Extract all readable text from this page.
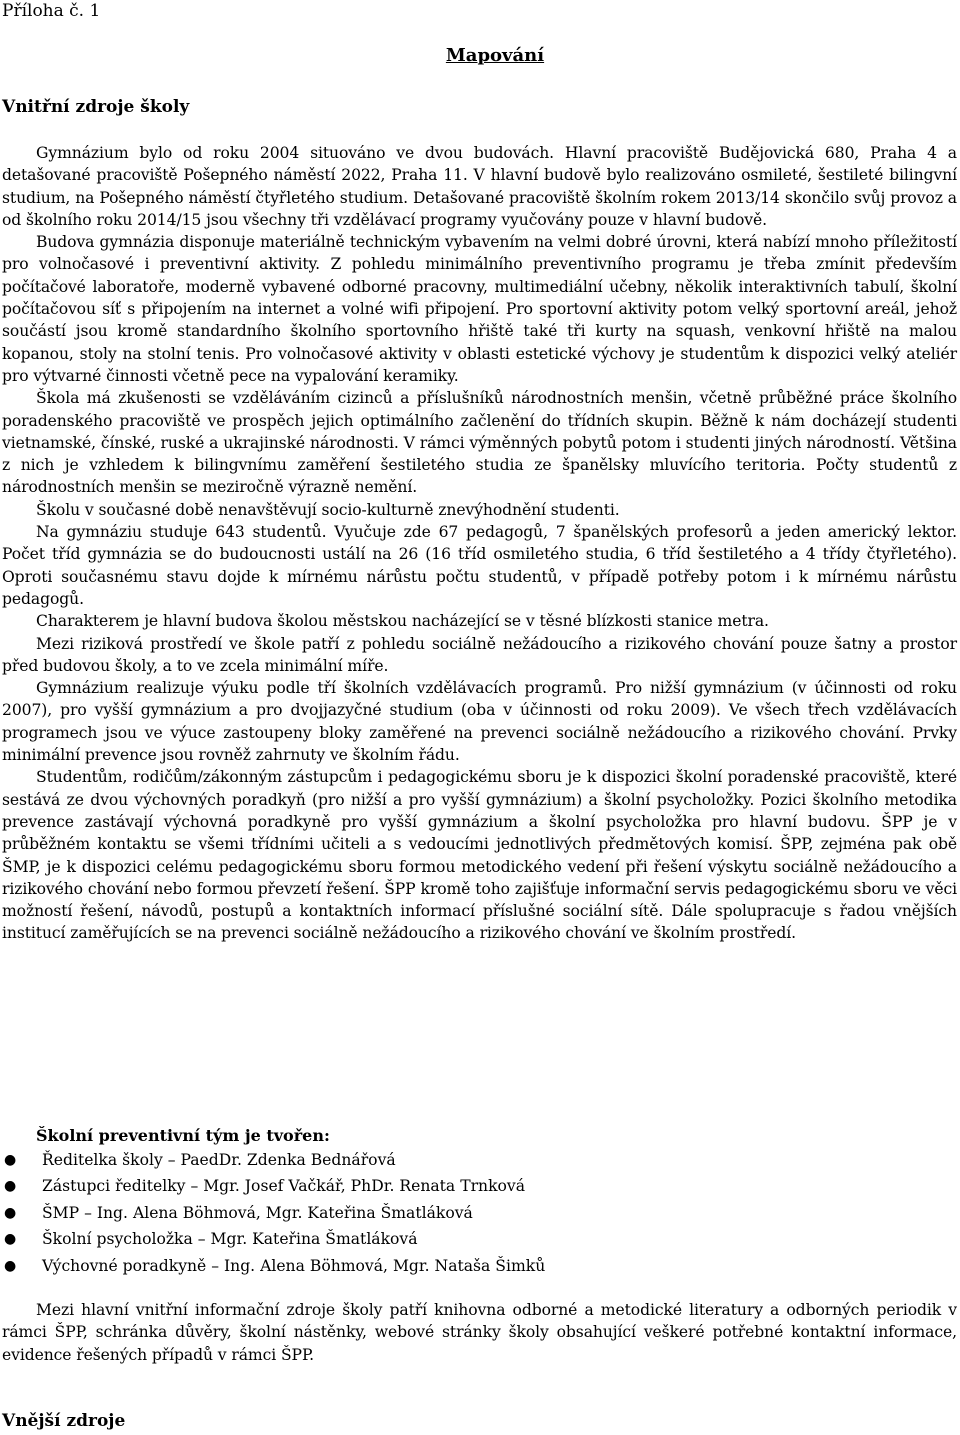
Příloha č. 1
Mapování
Vnitřní zdroje školy

Gymnázium bylo od roku 2004 situováno ve dvou budovách. Hlavní pracoviště Budějovická 680, Praha 4 a detašované pracoviště Pošepného náměstí 2022, Praha 11. V hlavní budově bylo realizováno osmileté, šestileté bilingvní studium, na Pošepného náměstí čtyřletého studium. Detašované pracoviště školním rokem 2013/14 skončilo svůj provoz a od školního roku 2014/15 jsou všechny tři vzdělávací programy vyučovány pouze v hlavní budově.

Budova gymnázia disponuje materiálně technickým vybavením na velmi dobré úrovni, která nabízí mnoho příležitostí pro volnočasové i preventivní aktivity. Z pohledu minimálního preventivního programu je třeba zmínit především počítačové laboratoře, moderně vybavené odborné pracovny, multimediální učebny, několik interaktivních tabulí, školní počítačovou síť s připojením na internet a volné wifi připojení. Pro sportovní aktivity potom velký sportovní areál, jehož součástí jsou kromě standardního školního sportovního hřiště také tři kurty na squash, venkovní hřiště na malou kopanou, stoly na stolní tenis. Pro volnočasové aktivity v oblasti estetické výchovy je studentům k dispozici velký ateliér pro výtvarné činnosti včetně pece na vypalování keramiky.

Škola má zkušenosti se vzděláváním cizinců a příslušníků národnostních menšin, včetně průběžné práce školního poradenského pracoviště ve prospěch jejich optimálního začlenění do třídních skupin. Běžně k nám docházejí studenti vietnamské, čínské, ruské a ukrajinské národnosti. V rámci výměnných pobytů potom i studenti jiných národností. Většina z nich je vzhledem k bilingvnímu zaměření šestiletého studia ze španělsky mluvícího teritoria. Počty studentů z národnostních menšin se meziročně výrazně nemění.

Školu v současné době nenavštěvují socio-kulturně znevýhodnění studenti.

Na gymnáziu studuje 643 studentů. Vyučuje zde 67 pedagogů, 7 španělských profesorů a jeden americký lektor. Počet tříd gymnázia se do budoucnosti ustálí na 26 (16 tříd osmiletého studia, 6 tříd šestiletého a 4 třídy čtyřletého). Oproti současnému stavu dojde k mírnému nárůstu počtu studentů, v případě potřeby potom i k mírnému nárůstu pedagogů.

Charakterem je hlavní budova školou městskou nacházející se v těsné blízkosti stanice metra.

Mezi riziková prostředí ve škole patří z pohledu sociálně nežádoucího a rizikového chování pouze šatny a prostor před budovou školy, a to ve zcela minimální míře.

Gymnázium realizuje výuku podle tří školních vzdělávacích programů. Pro nižší gymnázium (v účinnosti od roku 2007), pro vyšší gymnázium a pro dvojjazyčné studium (oba v účinnosti od roku 2009). Ve všech třech vzdělávacích programech jsou ve výuce zastoupeny bloky zaměřené na prevenci sociálně nežádoucího a rizikového chování. Prvky minimální prevence jsou rovněž zahrnuty ve školním řádu.

Studentům, rodičům/zákonným zástupcům i pedagogickému sboru je k dispozici školní poradenské pracoviště, které sestává ze dvou výchovných poradkyň (pro nižší a pro vyšší gymnázium) a školní psycholožky. Pozici školního metodika prevence zastávají výchovná poradkyně pro vyšší gymnázium a školní psycholožka pro hlavní budovu. ŠPP je v průběžném kontaktu se všemi třídními učiteli a s vedoucími jednotlivých předmětových komisí. ŠPP, zejména pak obě ŠMP, je k dispozici celému pedagogickému sboru formou metodického vedení při řešení výskytu sociálně nežádoucího a rizikového chování nebo formou převzetí řešení. ŠPP kromě toho zajišťuje informační servis pedagogickému sboru ve věci možností řešení, návodů, postupů a kontaktních informací příslušné sociální sítě. Dále spolupracuje s řadou vnějších institucí zaměřujících se na prevenci sociálně nežádoucího a rizikového chování ve školním prostředí.

Školní preventivní tým je tvořen:
● Ředitelka školy – PaedDr. Zdenka Bednářová
● Zástupci ředitelky – Mgr. Josef Vačkář, PhDr. Renata Trnková
● ŠMP – Ing. Alena Böhmová, Mgr. Kateřina Šmatláková
● Školní psycholožka – Mgr. Kateřina Šmatláková
● Výchovné poradkyně – Ing. Alena Böhmová, Mgr. Nataša Šimků

Mezi hlavní vnitřní informační zdroje školy patří knihovna odborné a metodické literatury a odborných periodik v rámci ŠPP, schránka důvěry, školní nástěnky, webové stránky školy obsahující veškeré potřebné kontaktní informace, evidence řešených případů v rámci ŠPP.

Vnější zdroje
